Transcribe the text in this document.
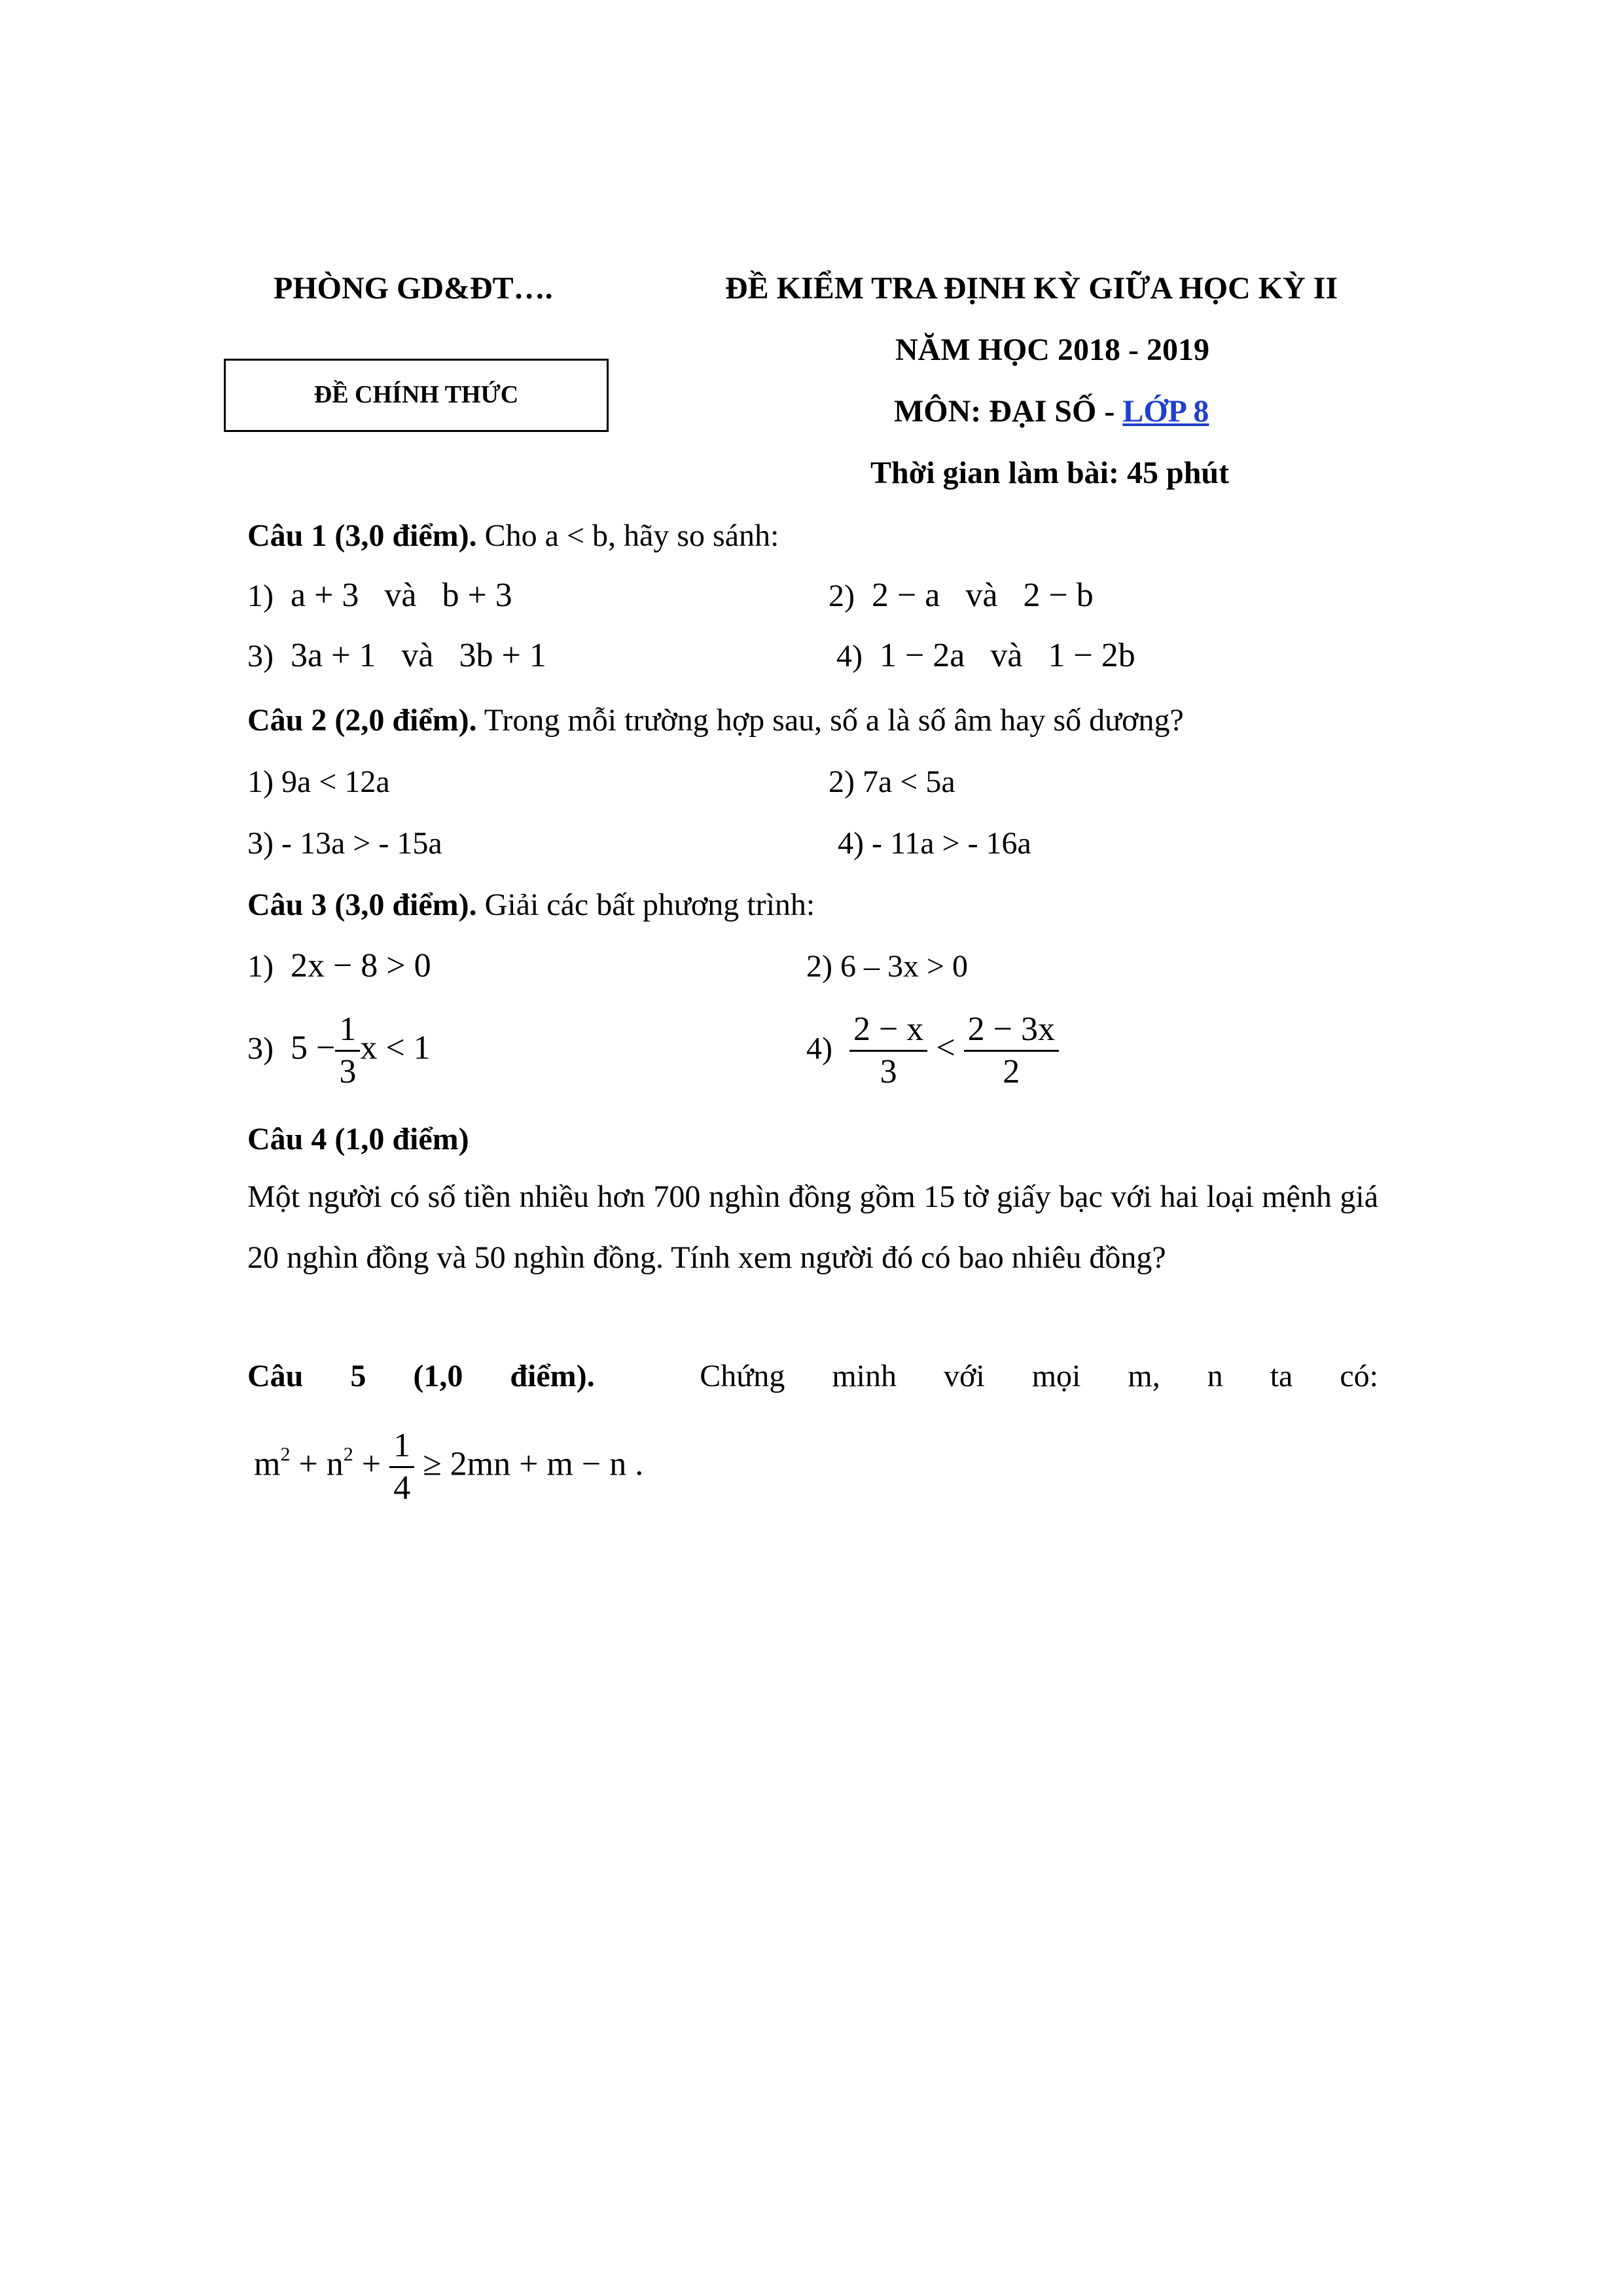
PHÒNG GD&ĐT….	ĐỀ KIỂM TRA ĐỊNH KỲ GIỮA HỌC KỲ II
ĐỀ CHÍNH THỨC
NĂM HỌC 2018 - 2019
MÔN: ĐẠI SỐ - LỚP 8
Thời gian làm bài: 45 phút
Câu 1 (3,0 điểm). Cho a < b, hãy so sánh:
1) a + 3   và   b + 3	2) 2 − a   và   2 − b
3) 3a + 1   và   3b + 1	4) 1 − 2a   và   1 − 2b
Câu 2 (2,0 điểm). Trong mỗi trường hợp sau, số a là số âm hay số dương?
1) 9a < 12a	2) 7a < 5a
3) - 13a > - 15a	4) - 11a > - 16a
Câu 3 (3,0 điểm). Giải các bất phương trình:
1) 2x − 8 > 0	2) 6 – 3x > 0
3) $5 - \frac{1}{3}$ x < 1	$4) \frac{2 - x}{3} < \frac{2 - 3x}{2}$
Câu 4 (1,0 điểm)
Một người có số tiền nhiều hơn 700 nghìn đồng gồm 15 tờ giấy bạc với hai loại mệnh giá 20 nghìn đồng và 50 nghìn đồng. Tính xem người đó có bao nhiêu đồng?
Câu 5 (1,0 điểm).	Chứng minh với mọi m, n ta có:
$m^2 + n^2 + \frac{1}{4} \ge 2mn + m - n$ .
